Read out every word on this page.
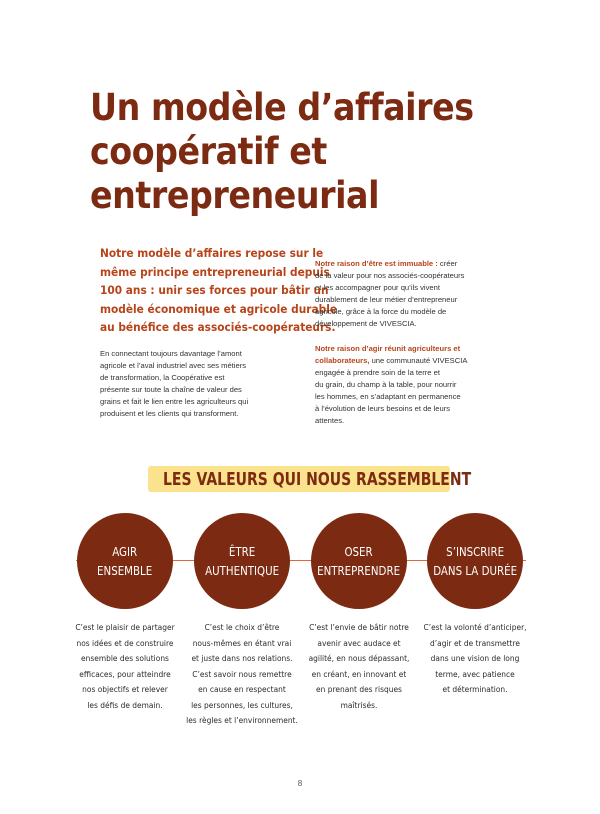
Un modèle d’affaires
coopératif et
entrepreneurial
Notre modèle d’affaires repose sur le
même principe entrepreneurial depuis
100 ans : unir ses forces pour bâtir un
modèle économique et agricole durable
au bénéfice des associés-coopérateurs.
En connectant toujours davantage l’amont
agricole et l’aval industriel avec ses métiers
de transformation, la Coopérative est
présente sur toute la chaîne de valeur des
grains et fait le lien entre les agriculteurs qui
produisent et les clients qui transforment.
Notre raison d’être est immuable : créer
de la valeur pour nos associés-coopérateurs
et les accompagner pour qu’ils vivent
durablement de leur métier d’entrepreneur
agricole, grâce à la force du modèle de
développement de VIVESCIA.
Notre raison d’agir réunit agriculteurs et
collaborateurs, une communauté VIVESCIA
engagée à prendre soin de la terre et
du grain, du champ à la table, pour nourrir
les hommes, en s’adaptant en permanence
à l’évolution de leurs besoins et de leurs
attentes.
LES VALEURS QUI NOUS RASSEMBLENT
AGIR
ENSEMBLE
ÊTRE
AUTHENTIQUE
OSER
ENTREPRENDRE
S’INSCRIRE
DANS LA DURÉE
C’est le plaisir de partager
nos idées et de construire
ensemble des solutions
efficaces, pour atteindre
nos objectifs et relever
les défis de demain.
C’est le choix d’être
nous-mêmes en étant vrai
et juste dans nos relations.
C’est savoir nous remettre
en cause en respectant
les personnes, les cultures,
les règles et l’environnement.
C’est l’envie de bâtir notre
avenir avec audace et
agilité, en nous dépassant,
en créant, en innovant et
en prenant des risques
maîtrisés.
C’est la volonté d’anticiper,
d’agir et de transmettre
dans une vision de long
terme, avec patience
et détermination.
8
